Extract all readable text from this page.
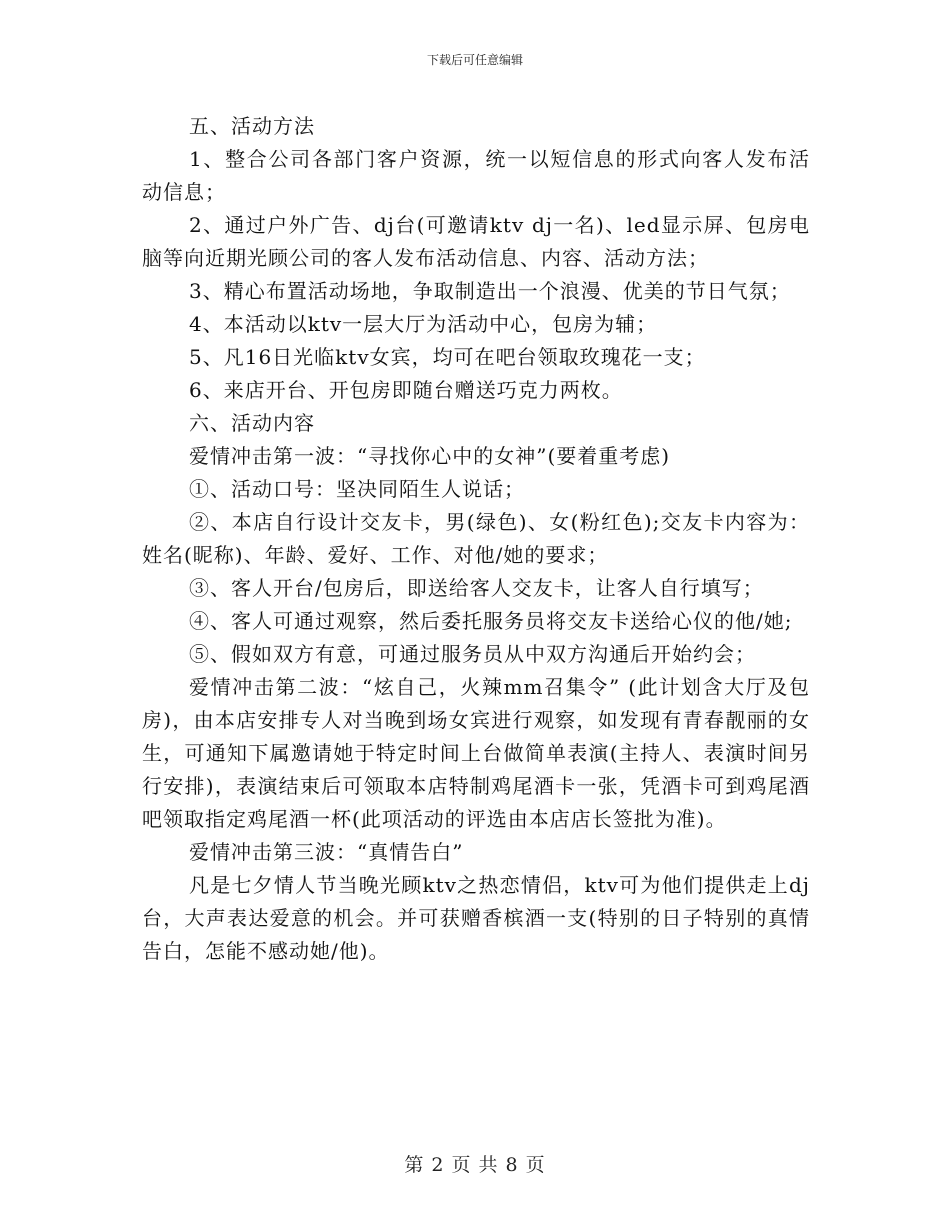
下载后可任意编辑

五、活动方法

1、整合公司各部门客户资源，统一以短信息的形式向客人发布活动信息；

2、通过户外广告、dj台(可邀请ktv dj一名)、led显示屏、包房电脑等向近期光顾公司的客人发布活动信息、内容、活动方法；

3、精心布置活动场地，争取制造出一个浪漫、优美的节日气氛；

4、本活动以ktv一层大厅为活动中心，包房为辅；

5、凡16日光临ktv女宾，均可在吧台领取玫瑰花一支；

6、来店开台、开包房即随台赠送巧克力两枚。

六、活动内容

爱情冲击第一波：“寻找你心中的女神”(要着重考虑)

①、活动口号：坚决同陌生人说话；

②、本店自行设计交友卡，男(绿色)、女(粉红色);交友卡内容为：姓名(昵称)、年龄、爱好、工作、对他/她的要求；

③、客人开台/包房后，即送给客人交友卡，让客人自行填写；

④、客人可通过观察，然后委托服务员将交友卡送给心仪的他/她;

⑤、假如双方有意，可通过服务员从中双方沟通后开始约会；

爱情冲击第二波：“炫自己，火辣mm召集令” (此计划含大厅及包房)，由本店安排专人对当晚到场女宾进行观察，如发现有青春靓丽的女生，可通知下属邀请她于特定时间上台做简单表演(主持人、表演时间另行安排)，表演结束后可领取本店特制鸡尾酒卡一张，凭酒卡可到鸡尾酒吧领取指定鸡尾酒一杯(此项活动的评选由本店店长签批为准)。

爱情冲击第三波：“真情告白”

凡是七夕情人节当晚光顾ktv之热恋情侣，ktv可为他们提供走上dj台，大声表达爱意的机会。并可获赠香槟酒一支(特别的日子特别的真情告白，怎能不感动她/他)。

第 2 页 共 8 页
